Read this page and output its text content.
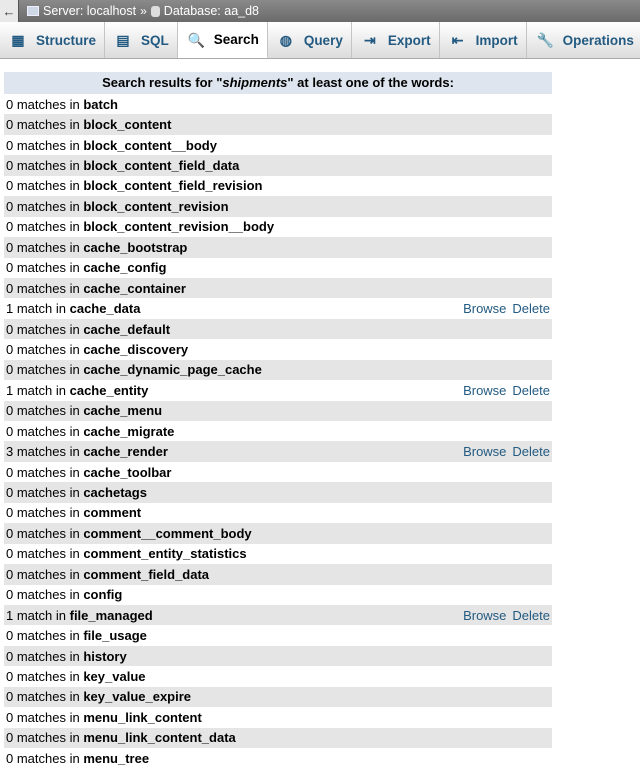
← Server: localhost » Database: aa_d8
▦ Structure ▤ SQL 🔍 Search ◍ Query ⇥ Export ⇤ Import 🔧 Operations
Search results for "shipments" at least one of the words:
0 matches in batch
0 matches in block_content
0 matches in block_content__body
0 matches in block_content_field_data
0 matches in block_content_field_revision
0 matches in block_content_revision
0 matches in block_content_revision__body
0 matches in cache_bootstrap
0 matches in cache_config
0 matches in cache_container
1 match in cache_data	Browse Delete
0 matches in cache_default
0 matches in cache_discovery
0 matches in cache_dynamic_page_cache
1 match in cache_entity	Browse Delete
0 matches in cache_menu
0 matches in cache_migrate
3 matches in cache_render	Browse Delete
0 matches in cache_toolbar
0 matches in cachetags
0 matches in comment
0 matches in comment__comment_body
0 matches in comment_entity_statistics
0 matches in comment_field_data
0 matches in config
1 match in file_managed	Browse Delete
0 matches in file_usage
0 matches in history
0 matches in key_value
0 matches in key_value_expire
0 matches in menu_link_content
0 matches in menu_link_content_data
0 matches in menu_tree
